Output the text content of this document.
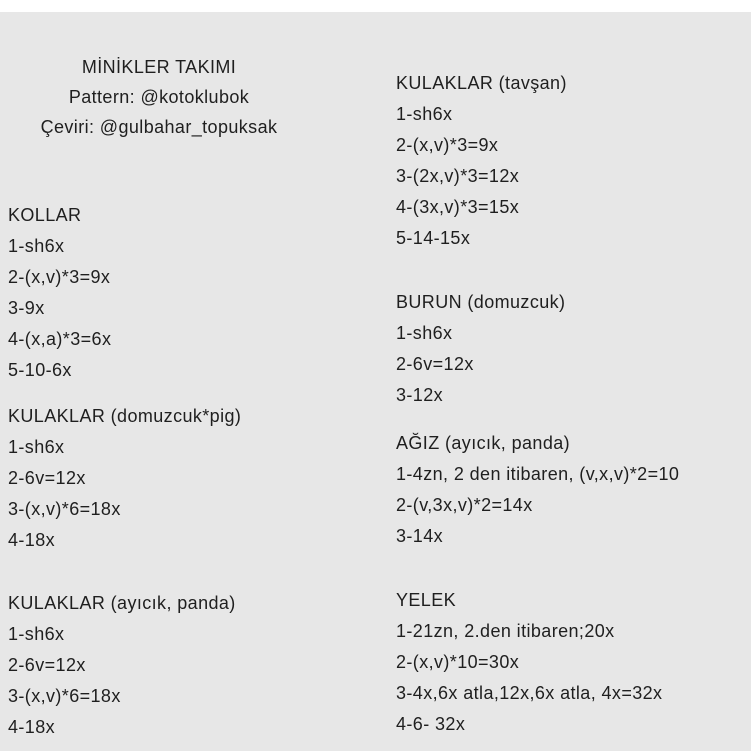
MİNİKLER TAKIMI
Pattern: @kotoklubok
Çeviri: @gulbahar_topuksak
KOLLAR
1-sh6x
2-(x,v)*3=9x
3-9x
4-(x,a)*3=6x
5-10-6x
KULAKLAR (domuzcuk*pig)
1-sh6x
2-6v=12x
3-(x,v)*6=18x
4-18x
KULAKLAR (ayıcık, panda)
1-sh6x
2-6v=12x
3-(x,v)*6=18x
4-18x
KULAKLAR (tavşan)
1-sh6x
2-(x,v)*3=9x
3-(2x,v)*3=12x
4-(3x,v)*3=15x
5-14-15x
BURUN (domuzcuk)
1-sh6x
2-6v=12x
3-12x
AĞIZ (ayıcık, panda)
1-4zn, 2 den itibaren, (v,x,v)*2=10
2-(v,3x,v)*2=14x
3-14x
YELEK
1-21zn, 2.den itibaren;20x
2-(x,v)*10=30x
3-4x,6x atla,12x,6x atla, 4x=32x
4-6- 32x
